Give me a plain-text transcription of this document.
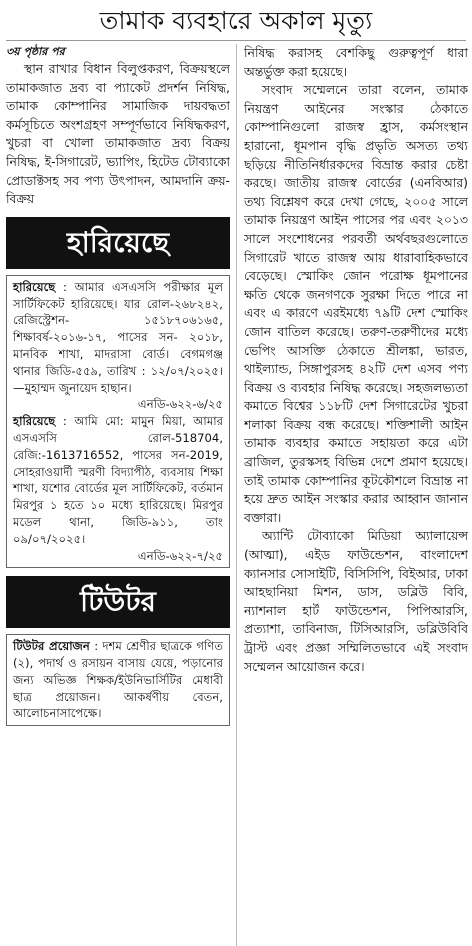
তামাক ব্যবহারে অকাল মৃত্যু
৩য় পৃষ্ঠার পর

স্থান রাখার বিধান বিলুপ্তকরণ, বিক্রয়স্থলে তামাকজাত দ্রব্য বা প্যাকেট প্রদর্শন নিষিদ্ধ, তামাক কোম্পানির সামাজিক দায়বদ্ধতা কর্মসূচিতে অংশগ্রহণ সম্পূর্ণভাবে নিষিদ্ধকরণ, খুচরা বা খোলা তামাকজাত দ্রব্য বিক্রয় নিষিদ্ধ, ই-সিগারেট, ভ্যাপিং, হিটেড টোব্যাকো প্রোডাক্টসহ সব পণ্য উৎপাদন, আমদানি ক্রয়-বিক্রয়

হারিয়েছে

হারিয়েছে : আমার এসএসসি পরীক্ষার মূল সার্টিফিকেট হারিয়েছে। যার রোল-২৬৮২৪২, রেজিস্ট্রেশন- ১৫১৮৭০৬১৬৫, শিক্ষাবর্ষ-২০১৬-১৭, পাসের সন- ২০১৮, মানবিক শাখা, মাদরাসা বোর্ড। বেগমগঞ্জ থানার জিডি-৫৫৯, তারিখ : ১২/০৭/২০২৫। —মুহাম্মদ জুনায়েদ হাছান।

এনডি-৬২২-৬/২৫

হারিয়েছে : আমি মো: মামুন মিয়া, আমার এসএসসি রোল-518704, রেজি:-1613716552, পাসের সন-2019, সোহরাওয়ার্দী স্মরণী বিদ্যাপীঠ, ব্যবসায় শিক্ষা শাখা, যশোর বোর্ডের মূল সার্টিফিকেট, বর্তমান মিরপুর ১ হতে ১০ মধ্যে হারিয়েছে। মিরপুর মডেল থানা, জিডি-৯১১, তাং ০৯/০৭/২০২৫।

এনডি-৬২২-৭/২৫
টিউটর

টিউটর প্রয়োজন : দশম শ্রেণীর ছাত্রকে গণিত (২), পদার্থ ও রসায়ন বাসায় যেয়ে, পড়ানোর জন্য অভিজ্ঞ শিক্ষক/ইউনিভার্সিটির মেধাবী ছাত্র প্রয়োজন। আকর্ষণীয় বেতন, আলোচনাসাপেক্ষে।

নিষিদ্ধ করাসহ বেশকিছু গুরুত্বপূর্ণ ধারা অন্তর্ভুক্ত করা হয়েছে।

সংবাদ সম্মেলনে তারা বলেন, তামাক নিয়ন্ত্রণ আইনের সংস্কার ঠেকাতে কোম্পানিগুলো রাজস্ব হ্রাস, কর্মসংস্থান হারানো, ধূমপান বৃদ্ধি প্রভৃতি অসত্য তথ্য ছড়িয়ে নীতিনির্ধারকদের বিভ্রান্ত করার চেষ্টা করছে। জাতীয় রাজস্ব বোর্ডের (এনবিআর) তথ্য বিশ্লেষণ করে দেখা গেছে, ২০০৫ সালে তামাক নিয়ন্ত্রণ আইন পাসের পর এবং ২০১৩ সালে সংশোধনের পরবর্তী অর্থবছরগুলোতে সিগারেট খাতে রাজস্ব আয় ধারাবাহিকভাবে বেড়েছে। স্মোকিং জোন পরোক্ষ ধূমপানের ক্ষতি থেকে জনগণকে সুরক্ষা দিতে পারে না এবং এ কারণে এরইমধ্যে ৭৯টি দেশ স্মোকিং জোন বাতিল করেছে। তরুণ-তরুণীদের মধ্যে ভেপিং আসক্তি ঠেকাতে শ্রীলঙ্কা, ভারত, থাইল্যান্ড, সিঙ্গাপুরসহ ৪২টি দেশ এসব পণ্য বিক্রয় ও ব্যবহার নিষিদ্ধ করেছে। সহজলভ্যতা কমাতে বিশ্বের ১১৮টি দেশ সিগারেটের খুচরা শলাকা বিক্রয় বন্ধ করেছে। শক্তিশালী আইন তামাক ব্যবহার কমাতে সহায়তা করে এটা ব্রাজিল, তুরস্কসহ বিভিন্ন দেশে প্রমাণ হয়েছে। তাই তামাক কোম্পানির কূটকৌশলে বিভ্রান্ত না হয়ে দ্রুত আইন সংস্কার করার আহ্বান জানান বক্তারা।

অ্যান্টি টোব্যাকো মিডিয়া অ্যালায়েন্স (আত্মা), এইড ফাউন্ডেশন, বাংলাদেশ ক্যানসার সোসাইটি, বিসিসিপি, বিইআর, ঢাকা আহছানিয়া মিশন, ডাস, ডব্লিউ বিবি, ন্যাশনাল হার্ট ফাউন্ডেশন, পিপিআরসি, প্রত্যাশা, তাবিনাজ, টিসিআরসি, ডব্লিউবিবি ট্রাস্ট এবং প্রজ্ঞা সম্মিলিতভাবে এই সংবাদ সম্মেলন আয়োজন করে।
